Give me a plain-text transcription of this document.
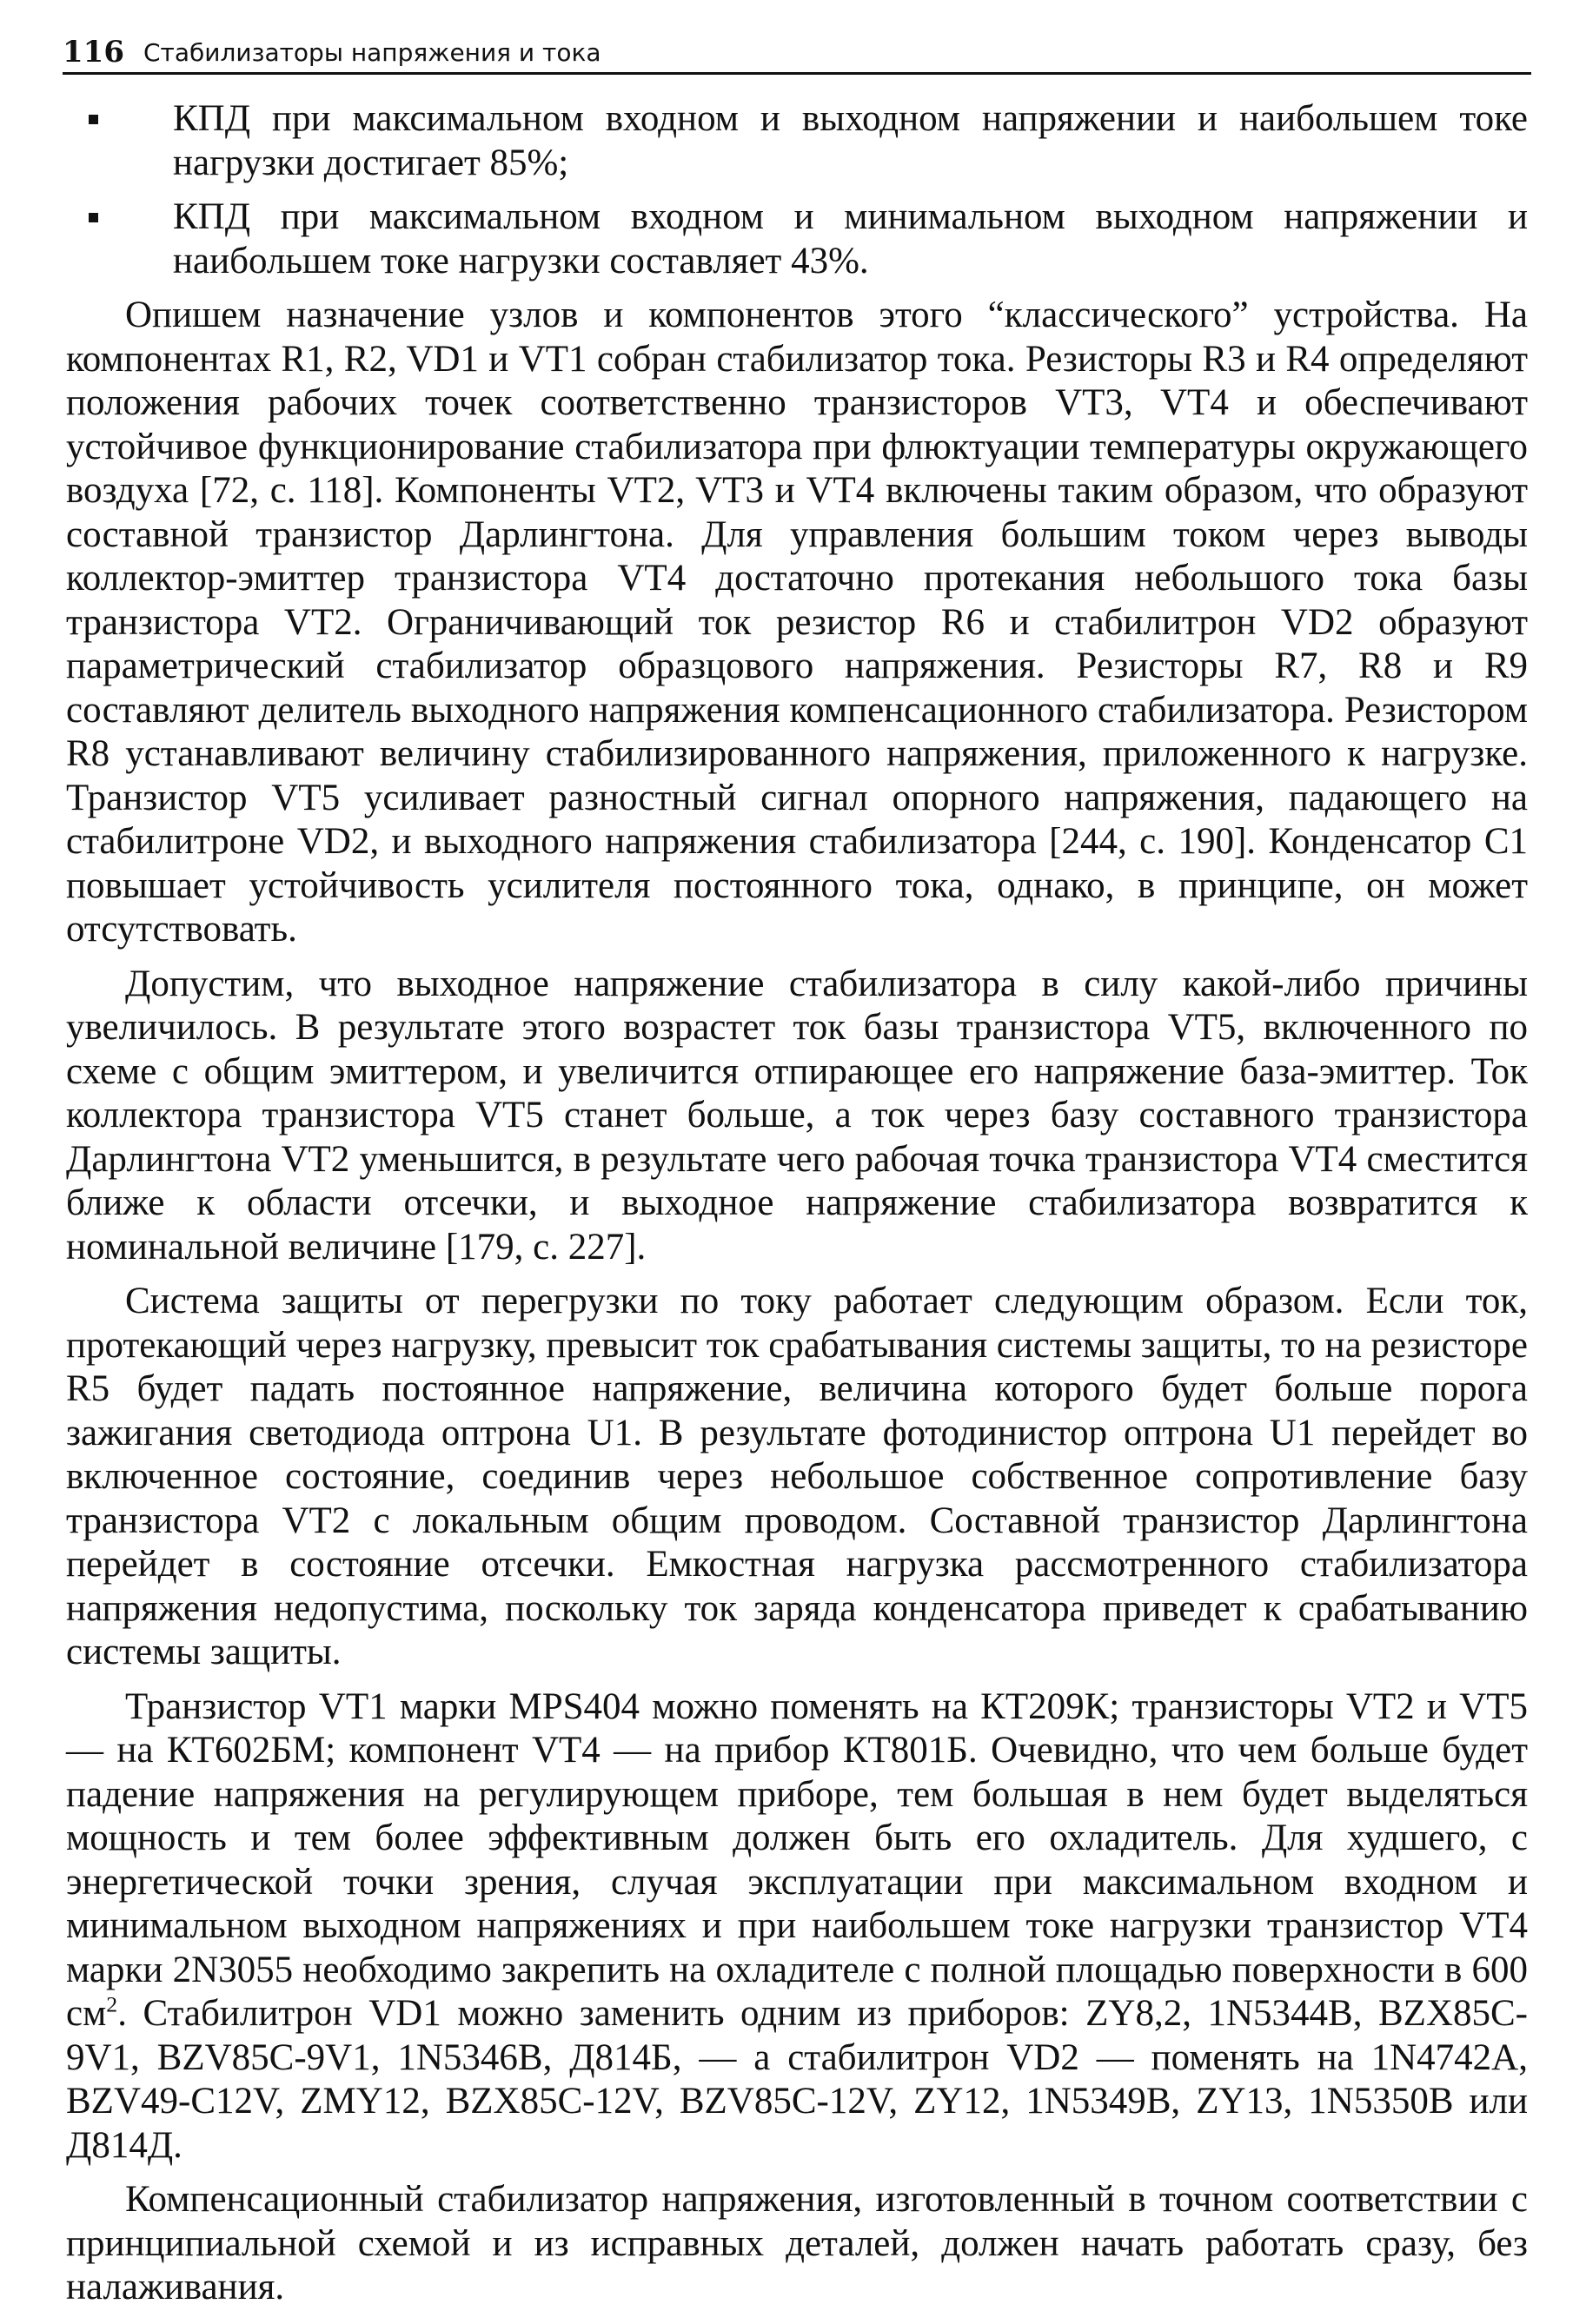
116 Стабилизаторы напряжения и тока
КПД при максимальном входном и выходном напряжении и наибольшем токе нагрузки достигает 85%;
КПД при максимальном входном и минимальном выходном напряжении и наибольшем токе нагрузки составляет 43%.

Опишем назначение узлов и компонентов этого “классического” устройства. На компонентах R1, R2, VD1 и VT1 собран стабилизатор тока. Резисторы R3 и R4 определяют положения рабочих точек соответственно транзисторов VT3, VT4 и обеспечивают устойчивое функционирование стабилизатора при флюктуации температуры окружающего воздуха [72, с. 118]. Компоненты VT2, VT3 и VT4 включены таким образом, что образуют составной транзистор Дарлингтона. Для управления большим током через выводы коллектор-эмиттер транзистора VT4 достаточно протекания небольшого тока базы транзистора VT2. Ограничивающий ток резистор R6 и стабилитрон VD2 образуют параметрический стабилизатор образцового напряжения. Резисторы R7, R8 и R9 составляют делитель выходного напряжения компенсационного стабилизатора. Резистором R8 устанавливают величину стабилизированного напряжения, приложенного к нагрузке. Транзистор VT5 усиливает разностный сигнал опорного напряжения, падающего на стабилитроне VD2, и выходного напряжения стабилизатора [244, с. 190]. Конденсатор C1 повышает устойчивость усилителя постоянного тока, однако, в принципе, он может отсутствовать.

Допустим, что выходное напряжение стабилизатора в силу какой-либо причины увеличилось. В результате этого возрастет ток базы транзистора VT5, включенного по схеме с общим эмиттером, и увеличится отпирающее его напряжение база-эмиттер. Ток коллектора транзистора VT5 станет больше, а ток через базу составного транзистора Дарлингтона VT2 уменьшится, в результате чего рабочая точка транзистора VT4 сместится ближе к области отсечки, и выходное напряжение стабилизатора возвратится к номинальной величине [179, с. 227].

Система защиты от перегрузки по току работает следующим образом. Если ток, протекающий через нагрузку, превысит ток срабатывания системы защиты, то на резисторе R5 будет падать постоянное напряжение, величина которого будет больше порога зажигания светодиода оптрона U1. В результате фотодинистор оптрона U1 перейдет во включенное состояние, соединив через небольшое собственное сопротивление базу транзистора VT2 с локальным общим проводом. Составной транзистор Дарлингтона перейдет в состояние отсечки. Емкостная нагрузка рассмотренного стабилизатора напряжения недопустима, поскольку ток заряда конденсатора приведет к срабатыванию системы защиты.

Транзистор VT1 марки MPS404 можно поменять на КТ209К; транзисторы VT2 и VT5 — на КТ602БМ; компонент VT4 — на прибор КТ801Б. Очевидно, что чем больше будет падение напряжения на регулирующем приборе, тем большая в нем будет выделяться мощность и тем более эффективным должен быть его охладитель. Для худшего, с энергетической точки зрения, случая эксплуатации при максимальном входном и минимальном выходном напряжениях и при наибольшем токе нагрузки транзистор VT4 марки 2N3055 необходимо закрепить на охладителе с полной площадью поверхности в 600 $см^2$. Стабилитрон VD1 можно заменить одним из приборов: ZY8,2, 1N5344B, BZX85C-9V1, BZV85C-9V1, 1N5346B, Д814Б, — а стабилитрон VD2 — поменять на 1N4742A, BZV49-C12V, ZMY12, BZX85C-12V, BZV85C-12V, ZY12, 1N5349B, ZY13, 1N5350B или Д814Д.

Компенсационный стабилизатор напряжения, изготовленный в точном соответствии с принципиальной схемой и из исправных деталей, должен начать работать сразу, без налаживания.
